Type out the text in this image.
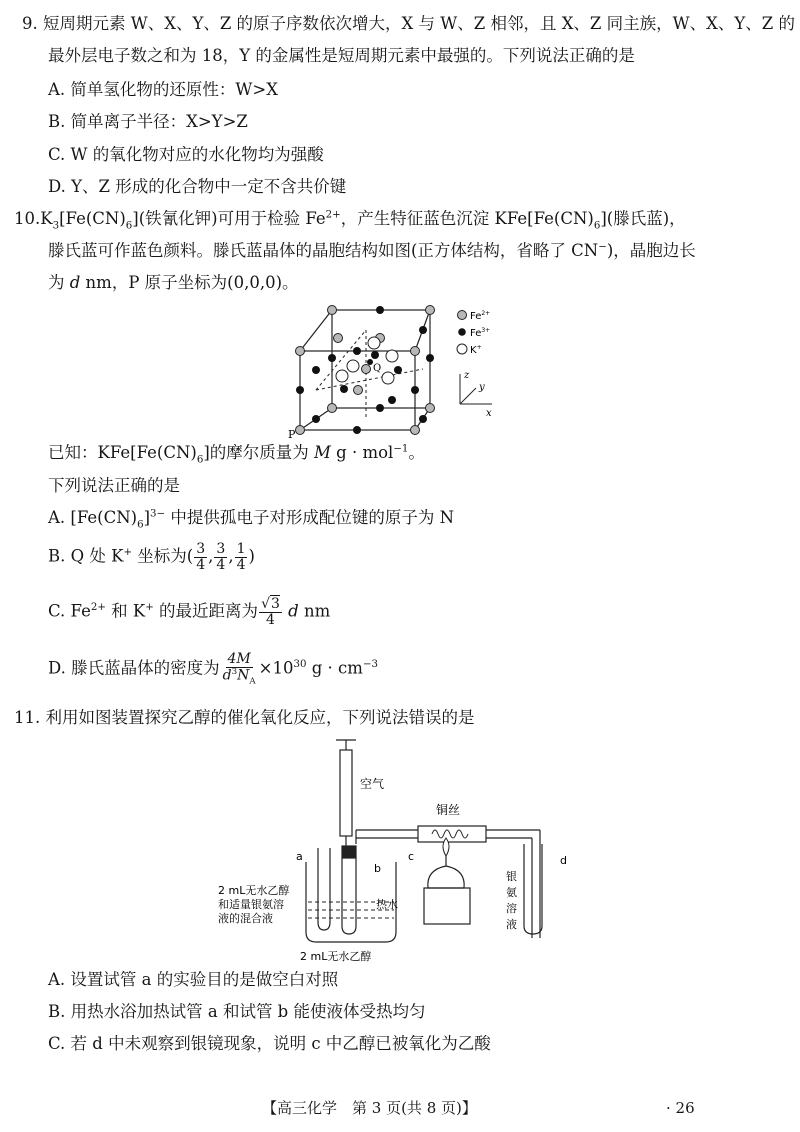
9. 短周期元素 W、X、Y、Z 的原子序数依次增大，X 与 W、Z 相邻，且 X、Z 同主族，W、X、Y、Z 的
最外层电子数之和为 18，Y 的金属性是短周期元素中最强的。下列说法正确的是
A. 简单氢化物的还原性：W>X
B. 简单离子半径：X>Y>Z
C. W 的氧化物对应的水化物均为强酸
D. Y、Z 形成的化合物中一定不含共价键
$10.K_3[Fe(CN)_6]$(铁氰化钾)可用于检验 $Fe^{2+}$，产生特征蓝色沉淀 $KFe[Fe(CN)_6]$(滕氏蓝)，
滕氏蓝可作蓝色颜料。滕氏蓝晶体的晶胞结构如图(正方体结构，省略了 CN−)，晶胞边长
为 d nm，P 原子坐标为(0,0,0)。
Q
P
$Fe^{2+}$
$Fe^{3+}$
K+
z
y
x
已知：$KFe[Fe(CN)_6]$的摩尔质量为 M g · mol$^{-1}$。
下列说法正确的是
A. $[Fe(CN)_6]^{3-}$ 中提供孤电子对形成配位键的原子为 N
B. Q 处 K+ 坐标为( $\frac{3}{4}$ , $\frac{3}{4}$ , $\frac{1}{4}$ )
C. $Fe^{2+}$ 和 K+ 的最近距离为 $\frac{√3}{4}$ d nm
D. 滕氏蓝晶体的密度为 $\frac{4M}{d^3N_A} \times 10^{30}$ $g \cdot cm^{-3}$
11. 利用如图装置探究乙醇的催化氧化反应，下列说法错误的是
空气
铜丝
a
b
c	d
2 mL无水乙醇 和适量银氨溶 液的混合液
热水
2 mL无水乙醇
银 氨 溶 液
A. 设置试管 a 的实验目的是做空白对照
B. 用热水浴加热试管 a 和试管 b 能使液体受热均匀
C. 若 d 中未观察到银镜现象，说明 c 中乙醇已被氧化为乙酸
【高三化学　第 3 页(共 8 页)】	· 26
